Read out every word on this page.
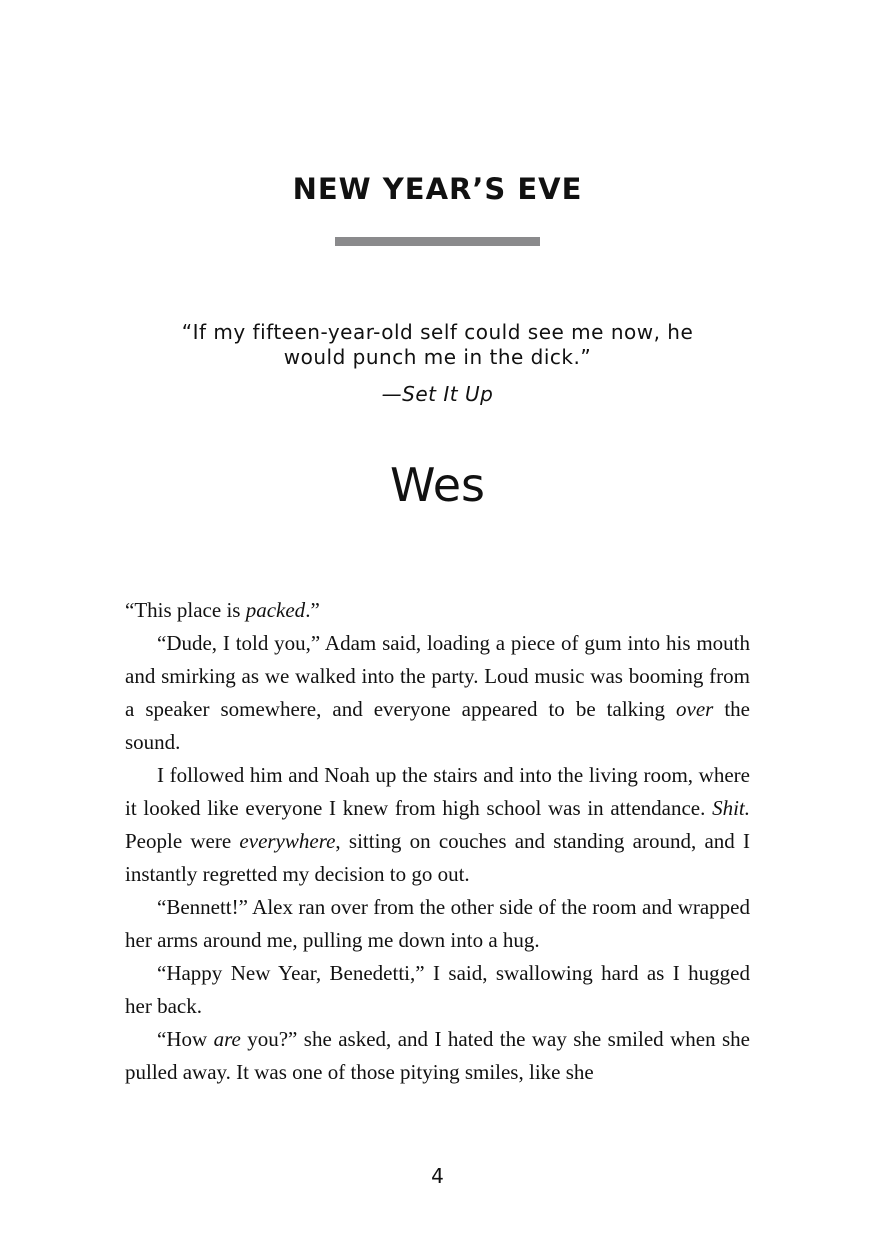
NEW YEAR’S EVE
“If my fifteen-year-old self could see me now, he
would punch me in the dick.”
—Set It Up
Wes

“This place is packed.”

“Dude, I told you,” Adam said, loading a piece of gum into his mouth and smirking as we walked into the party. Loud music was booming from a speaker somewhere, and everyone appeared to be talking over the sound.

I followed him and Noah up the stairs and into the living room, where it looked like everyone I knew from high school was in attendance. Shit. People were everywhere, sitting on couches and standing around, and I instantly regretted my decision to go out.

“Bennett!” Alex ran over from the other side of the room and wrapped her arms around me, pulling me down into a hug.

“Happy New Year, Benedetti,” I said, swallowing hard as I hugged her back.

“How are you?” she asked, and I hated the way she smiled when she pulled away. It was one of those pitying smiles, like she

4
